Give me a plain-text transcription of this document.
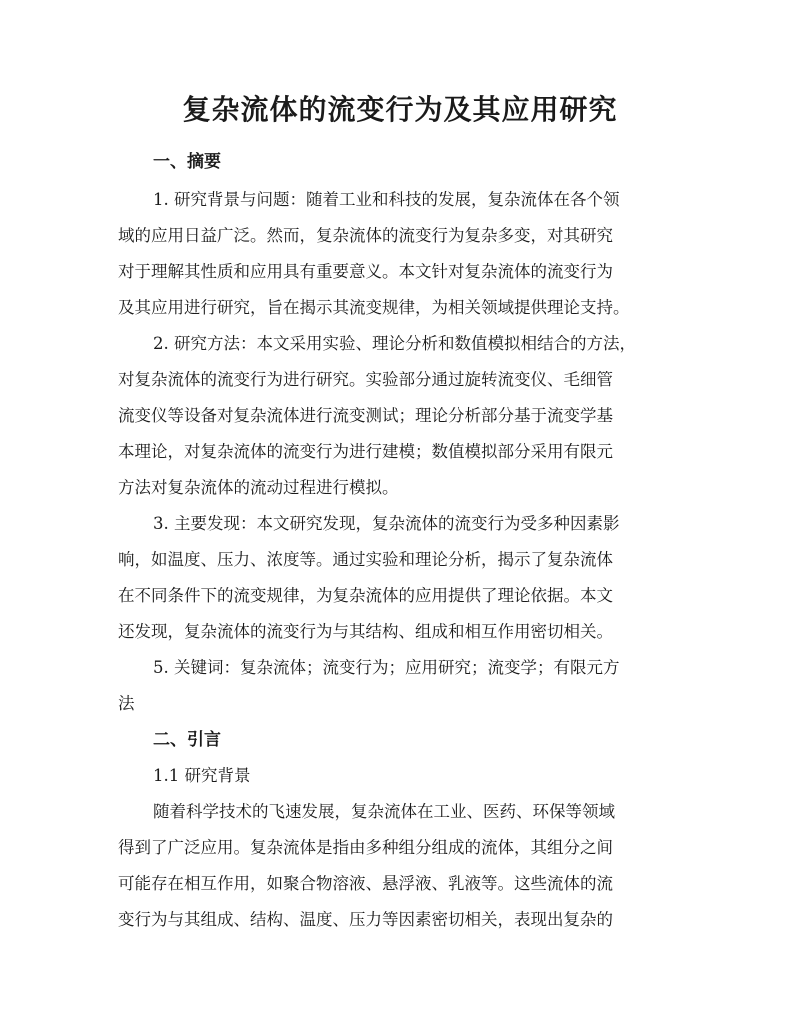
复杂流体的流变行为及其应用研究

一、摘要

1. 研究背景与问题：随着工业和科技的发展，复杂流体在各个领

域的应用日益广泛。然而，复杂流体的流变行为复杂多变，对其研究

对于理解其性质和应用具有重要意义。本文针对复杂流体的流变行为

及其应用进行研究，旨在揭示其流变规律，为相关领域提供理论支持。

2. 研究方法：本文采用实验、理论分析和数值模拟相结合的方法，

对复杂流体的流变行为进行研究。实验部分通过旋转流变仪、毛细管

流变仪等设备对复杂流体进行流变测试；理论分析部分基于流变学基

本理论，对复杂流体的流变行为进行建模；数值模拟部分采用有限元

方法对复杂流体的流动过程进行模拟。

3. 主要发现：本文研究发现，复杂流体的流变行为受多种因素影

响，如温度、压力、浓度等。通过实验和理论分析，揭示了复杂流体

在不同条件下的流变规律，为复杂流体的应用提供了理论依据。本文

还发现，复杂流体的流变行为与其结构、组成和相互作用密切相关。

5. 关键词：复杂流体；流变行为；应用研究；流变学；有限元方

法

二、引言

1.1 研究背景

随着科学技术的飞速发展，复杂流体在工业、医药、环保等领域

得到了广泛应用。复杂流体是指由多种组分组成的流体，其组分之间

可能存在相互作用，如聚合物溶液、悬浮液、乳液等。这些流体的流

变行为与其组成、结构、温度、压力等因素密切相关，表现出复杂的
